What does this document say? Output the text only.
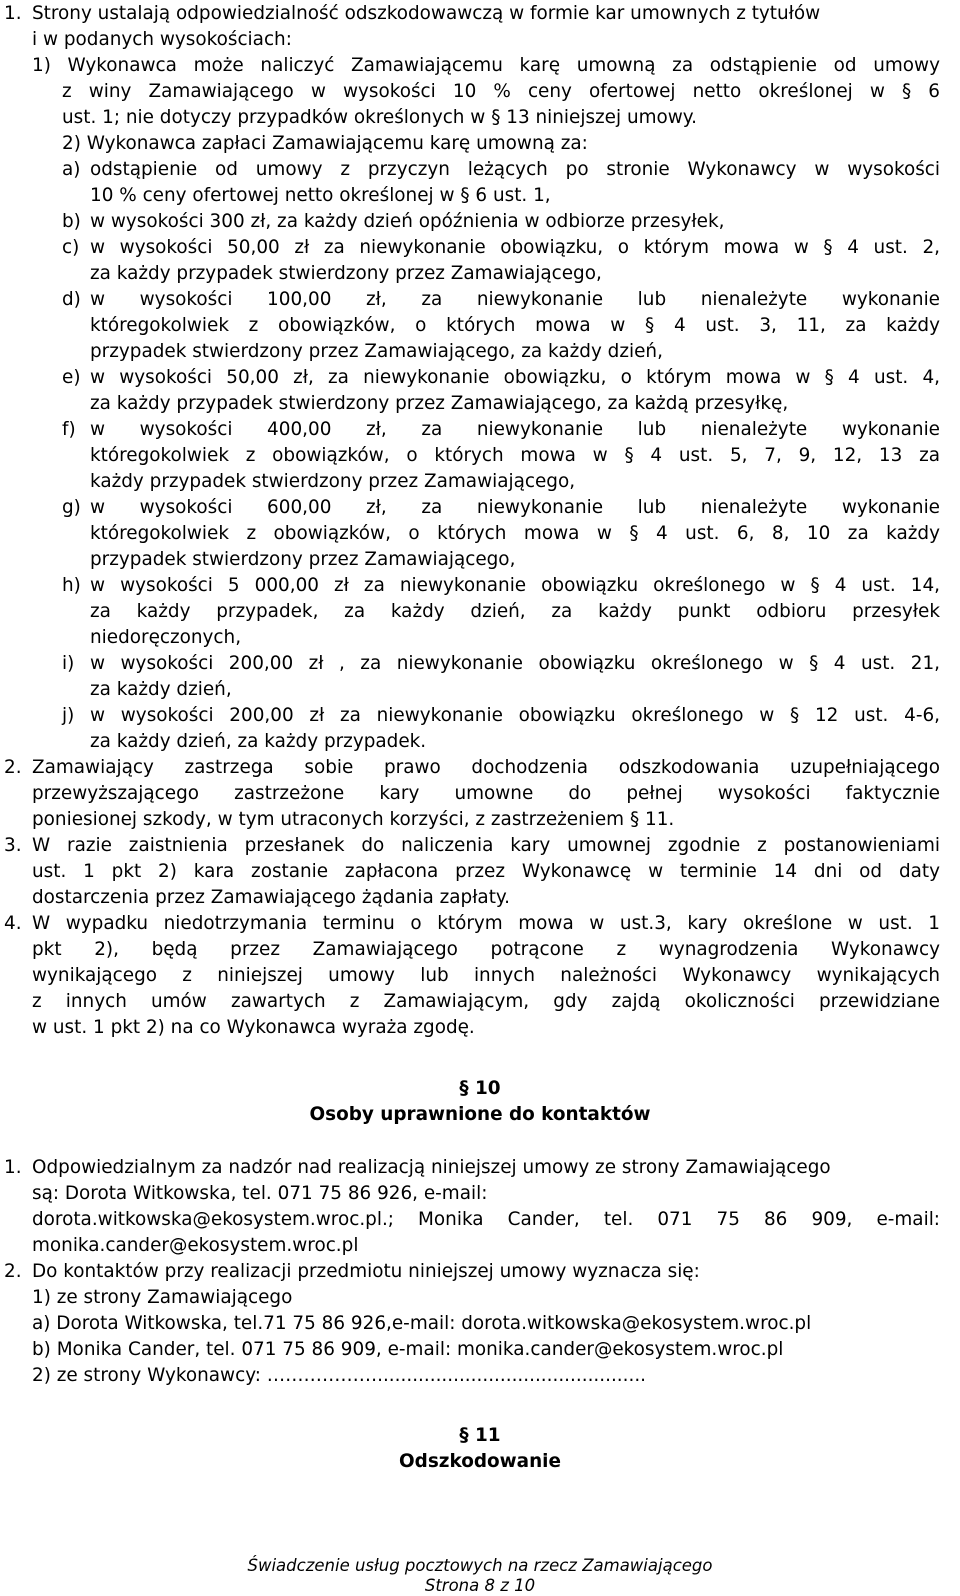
1. Strony ustalają odpowiedzialność odszkodowawczą w formie kar umownych z tytułów
i w podanych wysokościach:
1) Wykonawca może naliczyć Zamawiającemu karę umowną za odstąpienie od umowy
z winy Zamawiającego w wysokości 10 % ceny ofertowej netto określonej w § 6
ust. 1; nie dotyczy przypadków określonych w § 13 niniejszej umowy.
2) Wykonawca zapłaci Zamawiającemu karę umowną za:
a) odstąpienie od umowy z przyczyn leżących po stronie Wykonawcy w wysokości
10 % ceny ofertowej netto określonej w § 6 ust. 1,
b) w wysokości 300 zł, za każdy dzień opóźnienia w odbiorze przesyłek,
c) w wysokości 50,00 zł za niewykonanie obowiązku, o którym mowa w § 4 ust. 2,
za każdy przypadek stwierdzony przez Zamawiającego,
d) w wysokości 100,00 zł, za niewykonanie lub nienależyte wykonanie
któregokolwiek z obowiązków, o których mowa w § 4 ust. 3, 11, za każdy
przypadek stwierdzony przez Zamawiającego, za każdy dzień,
e) w wysokości 50,00 zł, za niewykonanie obowiązku, o którym mowa w § 4 ust. 4,
za każdy przypadek stwierdzony przez Zamawiającego, za każdą przesyłkę,
f) w wysokości 400,00 zł, za niewykonanie lub nienależyte wykonanie
któregokolwiek z obowiązków, o których mowa w § 4 ust. 5, 7, 9, 12, 13 za
każdy przypadek stwierdzony przez Zamawiającego,
g) w wysokości 600,00 zł, za niewykonanie lub nienależyte wykonanie
któregokolwiek z obowiązków, o których mowa w § 4 ust. 6, 8, 10 za każdy
przypadek stwierdzony przez Zamawiającego,
h) w wysokości 5 000,00 zł za niewykonanie obowiązku określonego w § 4 ust. 14,
za każdy przypadek, za każdy dzień, za każdy punkt odbioru przesyłek
niedoręczonych,
i) w wysokości 200,00 zł , za niewykonanie obowiązku określonego w § 4 ust. 21,
za każdy dzień,
j) w wysokości 200,00 zł za niewykonanie obowiązku określonego w § 12 ust. 4-6,
za każdy dzień, za każdy przypadek.
2. Zamawiający zastrzega sobie prawo dochodzenia odszkodowania uzupełniającego
przewyższającego zastrzeżone kary umowne do pełnej wysokości faktycznie
poniesionej szkody, w tym utraconych korzyści, z zastrzeżeniem § 11.
3. W razie zaistnienia przesłanek do naliczenia kary umownej zgodnie z postanowieniami
ust. 1 pkt 2) kara zostanie zapłacona przez Wykonawcę w terminie 14 dni od daty
dostarczenia przez Zamawiającego żądania zapłaty.
4. W wypadku niedotrzymania terminu o którym mowa w ust.3, kary określone w ust. 1
pkt 2), będą przez Zamawiającego potrącone z wynagrodzenia Wykonawcy
wynikającego z niniejszej umowy lub innych należności Wykonawcy wynikających
z innych umów zawartych z Zamawiającym, gdy zajdą okoliczności przewidziane
w ust. 1 pkt 2) na co Wykonawca wyraża zgodę.
§ 10
Osoby uprawnione do kontaktów
1. Odpowiedzialnym za nadzór nad realizacją niniejszej umowy ze strony Zamawiającego
są: Dorota Witkowska, tel. 071 75 86 926, e-mail:
dorota.witkowska@ekosystem.wroc.pl.; Monika Cander, tel. 071 75 86 909, e-mail:
monika.cander@ekosystem.wroc.pl
2. Do kontaktów przy realizacji przedmiotu niniejszej umowy wyznacza się:
1) ze strony Zamawiającego
a) Dorota Witkowska, tel.71 75 86 926,e-mail: dorota.witkowska@ekosystem.wroc.pl
b) Monika Cander, tel. 071 75 86 909, e-mail: monika.cander@ekosystem.wroc.pl
2) ze strony Wykonawcy: ………………..............................................
§ 11
Odszkodowanie
Świadczenie usług pocztowych na rzecz Zamawiającego
Strona 8 z 10
